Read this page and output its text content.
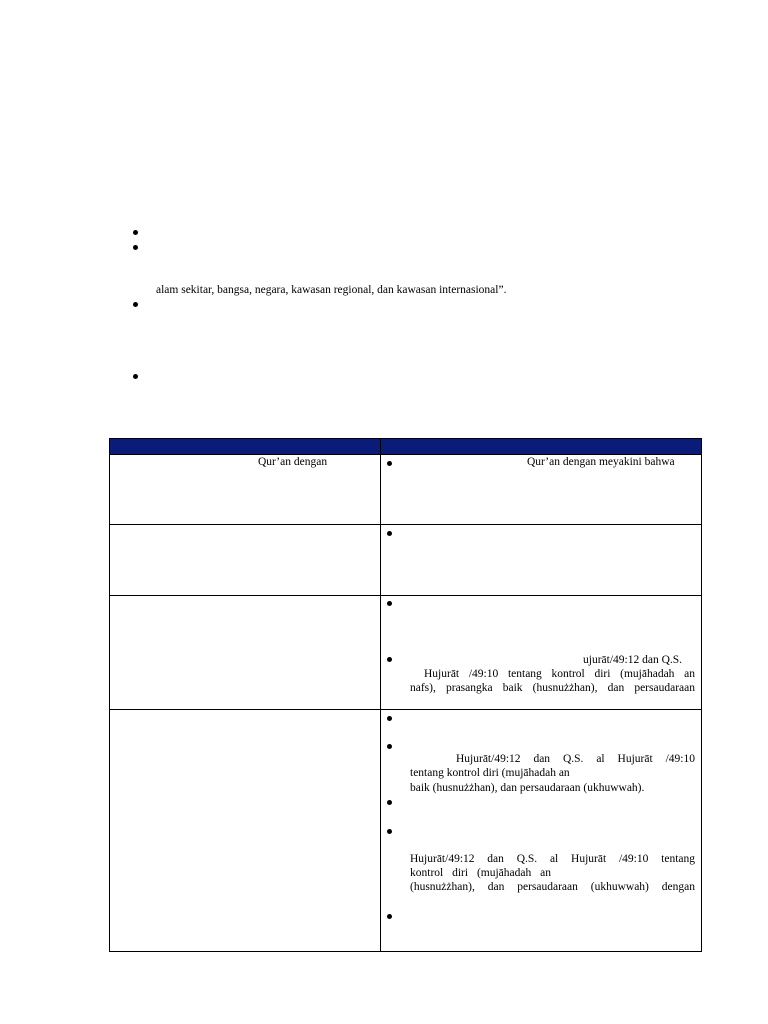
alam sekitar, bangsa, negara, kawasan regional, dan kawasan internasional”.
Qur’an dengan	Qur’an dengan meyakini bahwa
ujurāt/49:12 dan Q.S.
Hujurāt /49:10 tentang kontrol diri (mujāhadah an
nafs), prasangka baik (husnużżhan), dan persaudaraan
Hujurāt/49:12 dan Q.S. al Hujurāt /49:10
tentang kontrol diri (mujāhadah an
baik (husnużżhan), dan persaudaraan (ukhuwwah).
Hujurāt/49:12 dan Q.S. al Hujurāt /49:10 tentang
kontrol diri (mujāhadah an
(husnużżhan), dan persaudaraan (ukhuwwah) dengan
